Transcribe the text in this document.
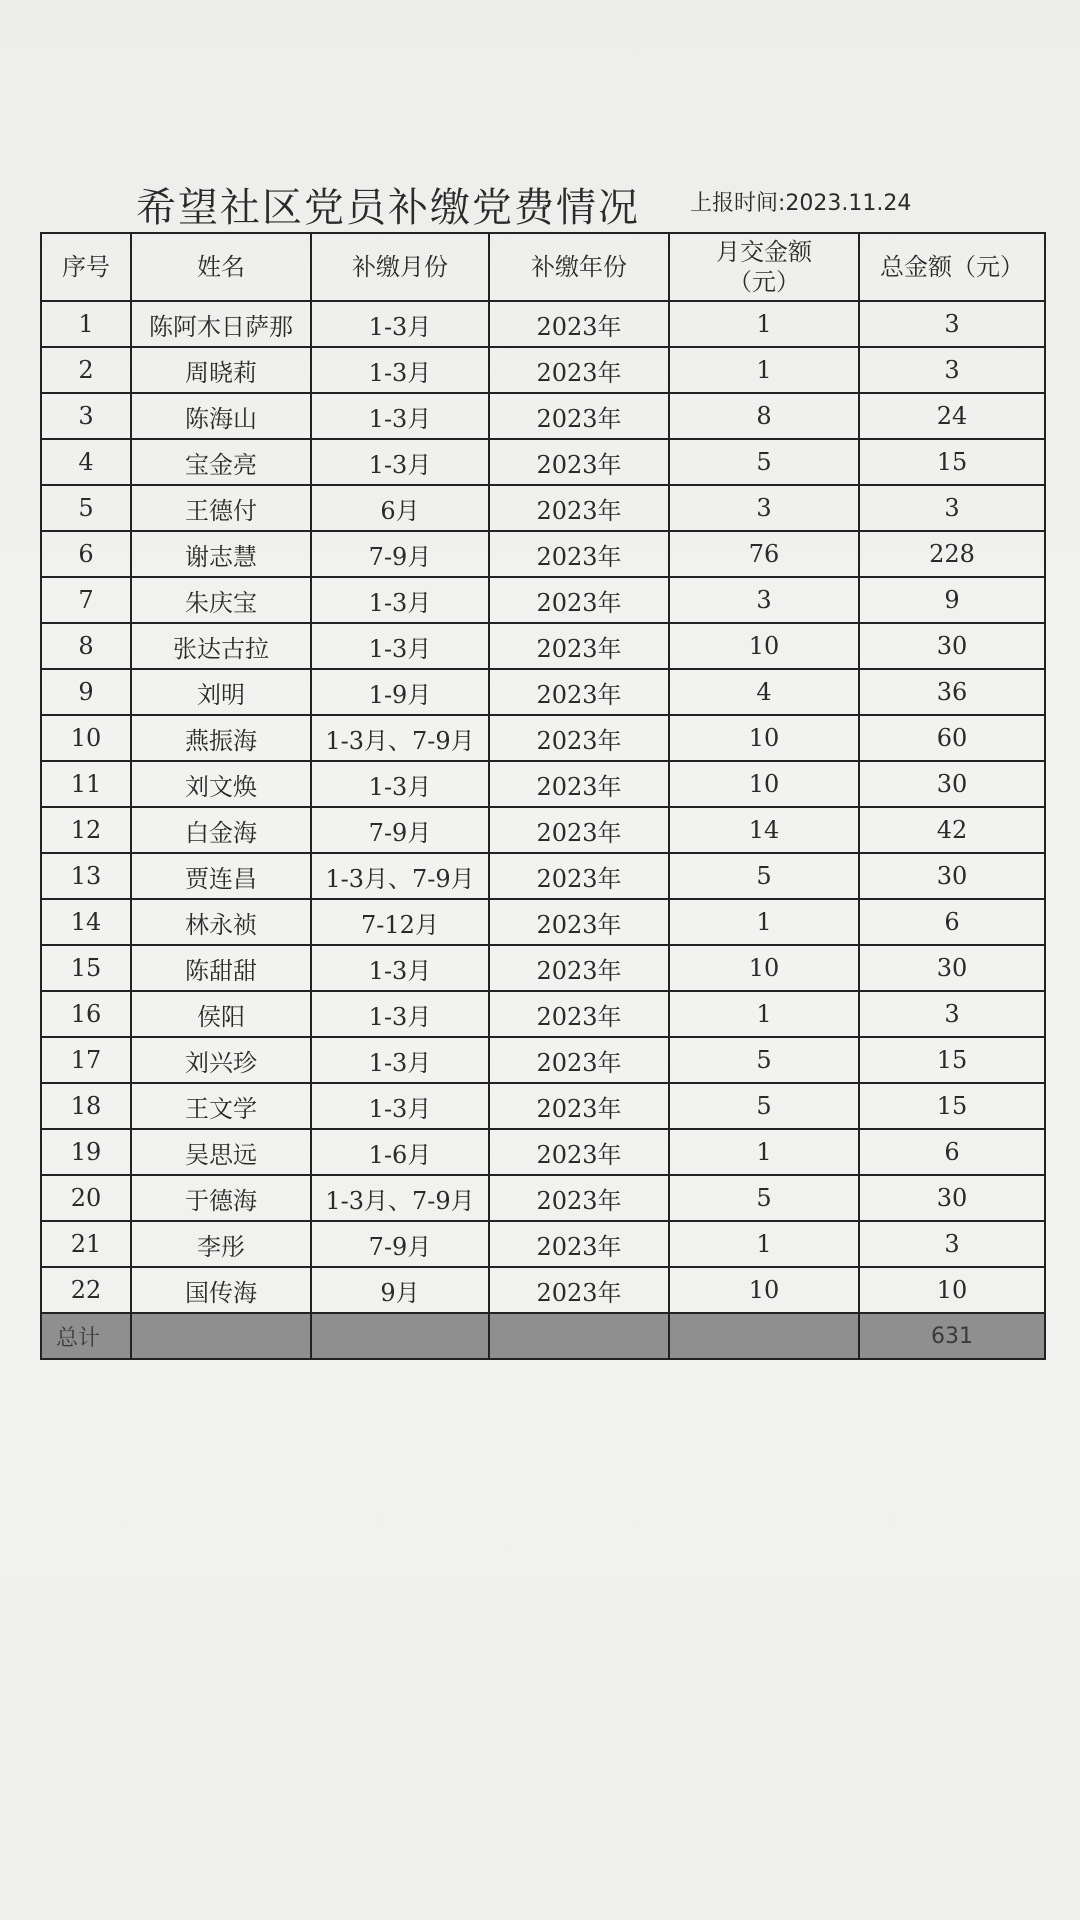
希望社区党员补缴党费情况 上报时间:2023.11.24
序号	姓名	补缴月份	补缴年份	月交金额（元）	总金额（元）
1	陈阿木日萨那	1-3月	2023年	1	3
2	周晓莉	1-3月	2023年	1	3
3	陈海山	1-3月	2023年	8	24
4	宝金亮	1-3月	2023年	5	15
5	王德付	6月	2023年	3	3
6	谢志慧	7-9月	2023年	76	228
7	朱庆宝	1-3月	2023年	3	9
8	张达古拉	1-3月	2023年	10	30
9	刘明	1-9月	2023年	4	36
10	燕振海	1-3月、7-9月	2023年	10	60
11	刘文焕	1-3月	2023年	10	30
12	白金海	7-9月	2023年	14	42
13	贾连昌	1-3月、7-9月	2023年	5	30
14	林永祯	7-12月	2023年	1	6
15	陈甜甜	1-3月	2023年	10	30
16	侯阳	1-3月	2023年	1	3
17	刘兴珍	1-3月	2023年	5	15
18	王文学	1-3月	2023年	5	15
19	吴思远	1-6月	2023年	1	6
20	于德海	1-3月、7-9月	2023年	5	30
21	李彤	7-9月	2023年	1	3
22	国传海	9月	2023年	10	10
总计					631
